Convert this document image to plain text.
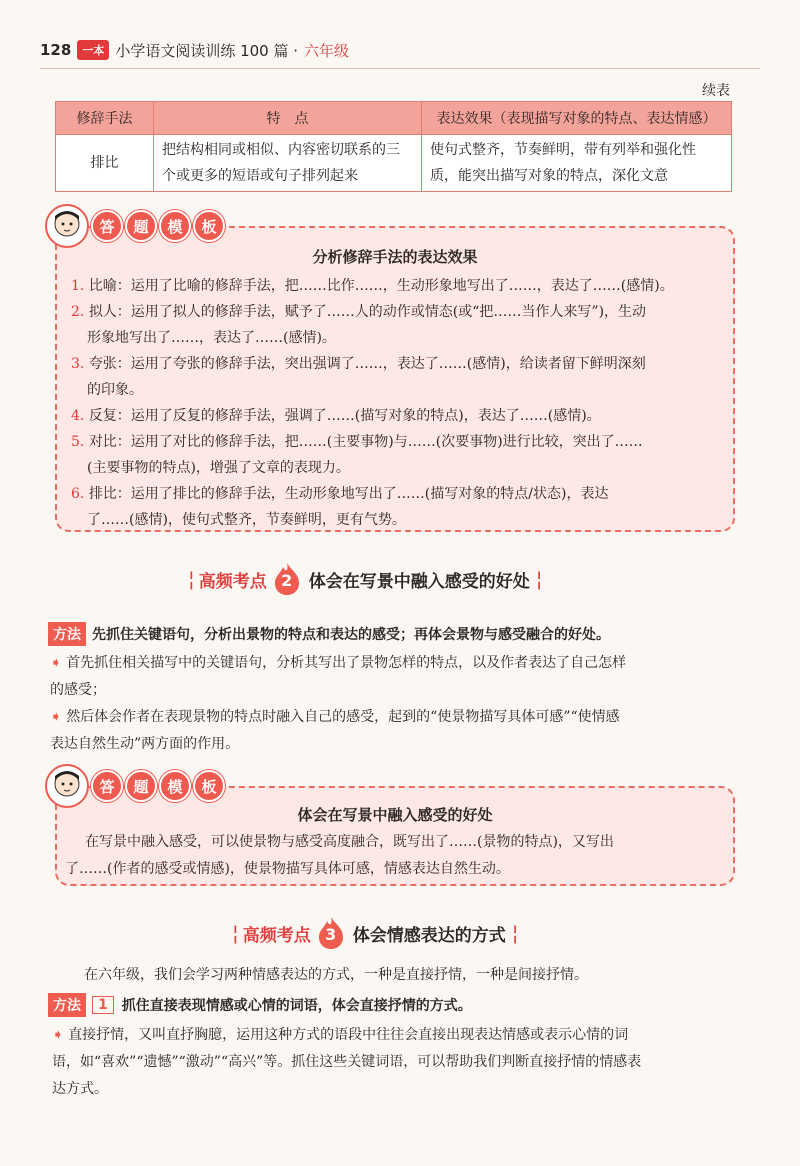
128	一本 小学语文阅读训练 100 篇 · 六年级
续表
修辞手法	特　点	表达效果（表现描写对象的特点、表达情感）
排比	把结构相同或相似、内容密切联系的三个或更多的短语或句子排列起来	使句式整齐，节奏鲜明，带有列举和强化性质，能突出描写对象的特点，深化文意
分析修辞手法的表达效果
1. 比喻：运用了比喻的修辞手法，把……比作……，生动形象地写出了……，表达了……(感情)。
2. 拟人：运用了拟人的修辞手法，赋予了……人的动作或情态(或“把……当作人来写”)，生动
形象地写出了……，表达了……(感情)。
3. 夸张：运用了夸张的修辞手法，突出强调了……，表达了……(感情)，给读者留下鲜明深刻
的印象。
4. 反复：运用了反复的修辞手法，强调了……(描写对象的特点)，表达了……(感情)。
5. 对比：运用了对比的修辞手法，把……(主要事物)与……(次要事物)进行比较，突出了……
(主要事物的特点)，增强了文章的表现力。
6. 排比：运用了排比的修辞手法，生动形象地写出了……(描写对象的特点/状态)，表达
了……(感情)，使句式整齐，节奏鲜明，更有气势。
答	题	模	板
¦ 高频考点 2 体会在写景中融入感受的好处 ¦
方法 先抓住关键语句，分析出景物的特点和表达的感受；再体会景物与感受融合的好处。
➧ 首先抓住相关描写中的关键语句，分析其写出了景物怎样的特点，以及作者表达了自己怎样
的感受；
➧ 然后体会作者在表现景物的特点时融入自己的感受，起到的“使景物描写具体可感”“使情感
表达自然生动”两方面的作用。
体会在写景中融入感受的好处
在写景中融入感受，可以使景物与感受高度融合，既写出了……(景物的特点)，又写出
了……(作者的感受或情感)，使景物描写具体可感，情感表达自然生动。
答	题	模	板
¦ 高频考点 3 体会情感表达的方式 ¦
在六年级，我们会学习两种情感表达的方式，一种是直接抒情，一种是间接抒情。
方法	1	抓住直接表现情感或心情的词语，体会直接抒情的方式。
➧ 直接抒情，又叫直抒胸臆，运用这种方式的语段中往往会直接出现表达情感或表示心情的词
语，如“喜欢”“遗憾”“激动”“高兴”等。抓住这些关键词语，可以帮助我们判断直接抒情的情感表
达方式。
